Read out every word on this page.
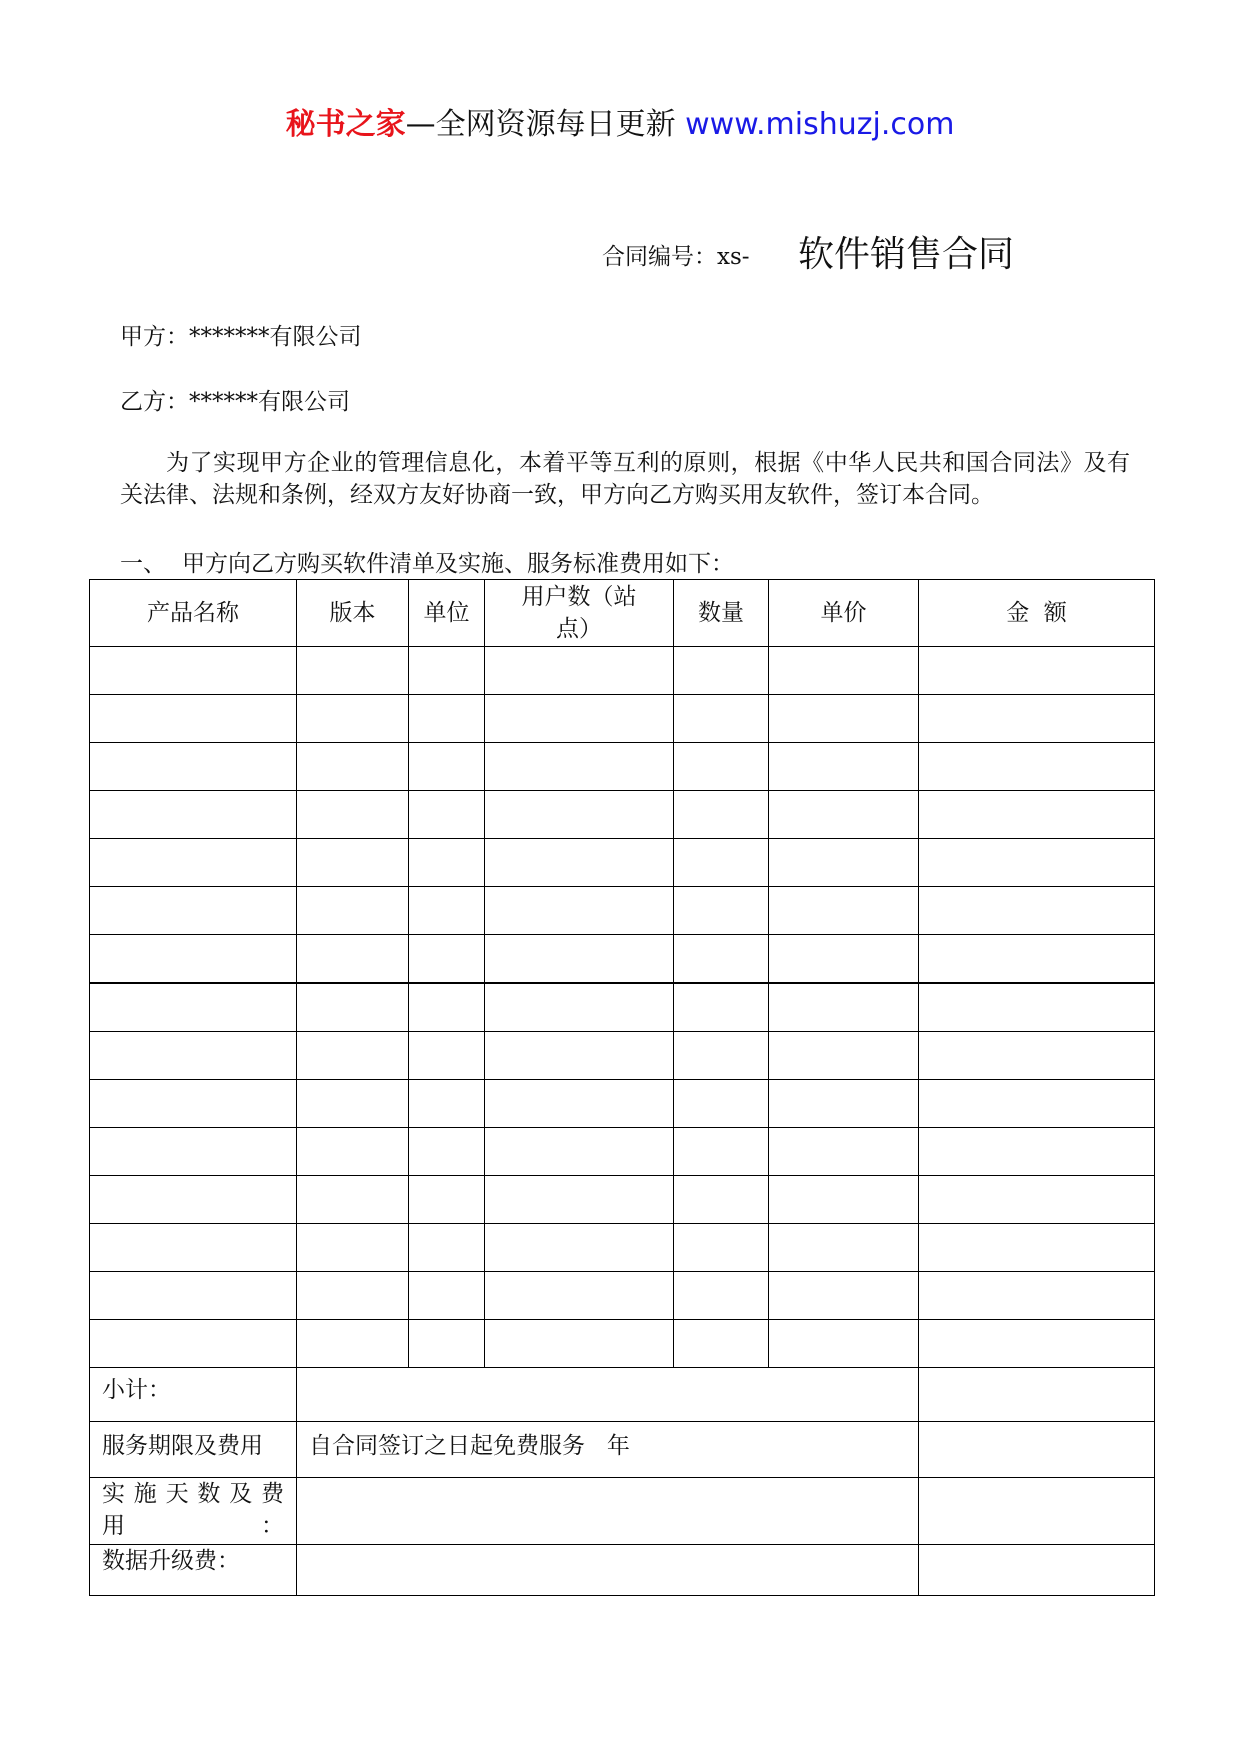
秘书之家—全网资源每日更新 www.mishuzj.com
合同编号：xs- 软件销售合同
甲方：*******有限公司
乙方：******有限公司

为了实现甲方企业的管理信息化，本着平等互利的原则，根据《中华人民共和国合同法》及有关法律、法规和条例，经双方友好协商一致，甲方向乙方购买用友软件，签订本合同。

一、 甲方向乙方购买软件清单及实施、服务标准费用如下：
产品名称	版本	单位	用户数（站点）	数量	单价	金  额

小计：						
服务期限及费用	自合同签订之日起免费服务   年					
实施天数及费用：						
数据升级费：						
